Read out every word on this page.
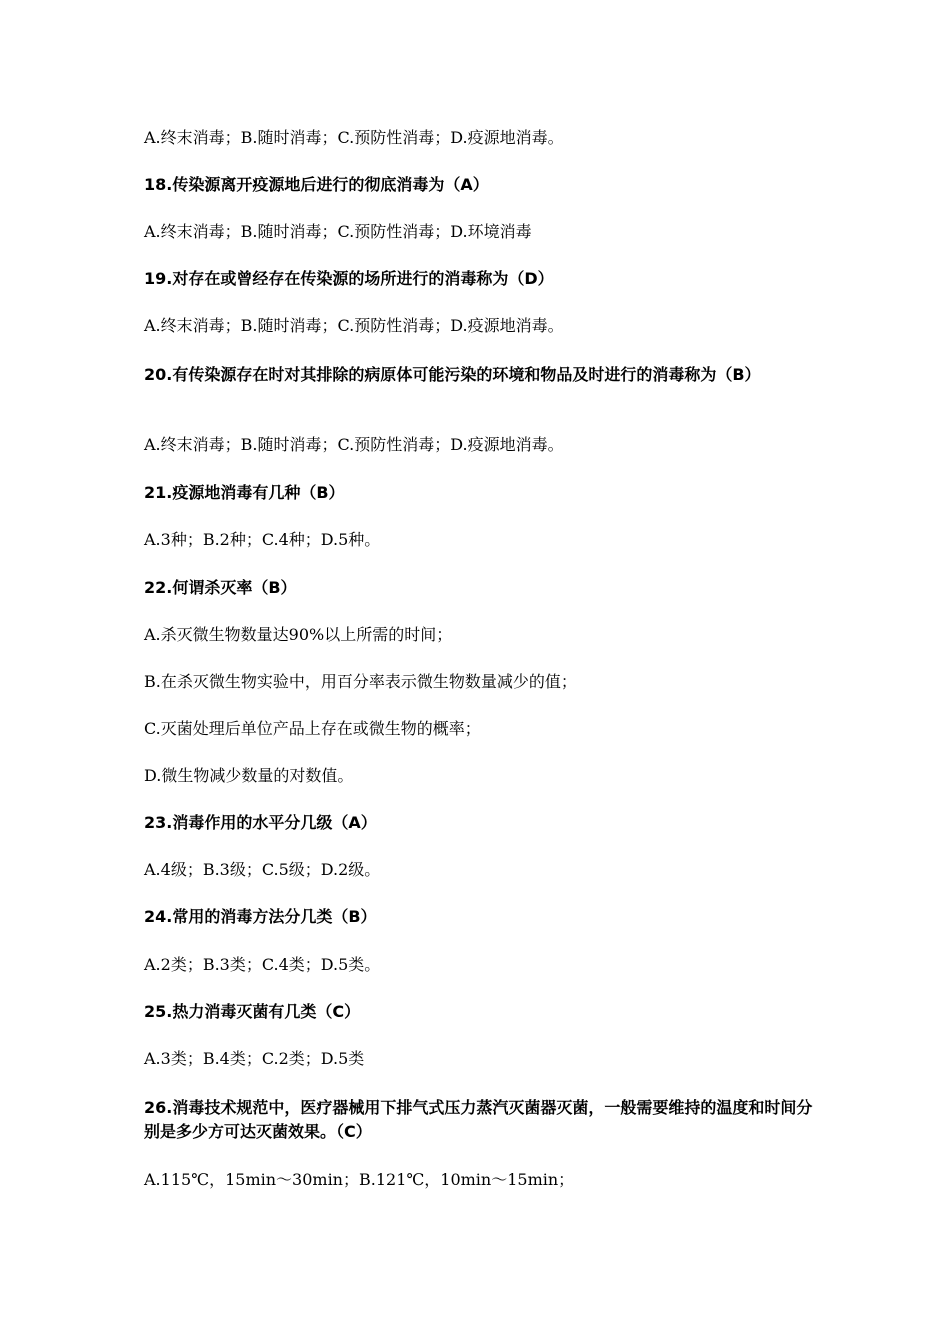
A.终末消毒；B.随时消毒；C.预防性消毒；D.疫源地消毒。
18.传染源离开疫源地后进行的彻底消毒为（A）
A.终末消毒；B.随时消毒；C.预防性消毒；D.环境消毒
19.对存在或曾经存在传染源的场所进行的消毒称为（D）
A.终末消毒；B.随时消毒；C.预防性消毒；D.疫源地消毒。
20.有传染源存在时对其排除的病原体可能污染的环境和物品及时进行的消毒称为（B）
A.终末消毒；B.随时消毒；C.预防性消毒；D.疫源地消毒。
21.疫源地消毒有几种（B）
A.3种；B.2种；C.4种；D.5种。
22.何谓杀灭率（B）
A.杀灭微生物数量达90%以上所需的时间；
B.在杀灭微生物实验中，用百分率表示微生物数量减少的值；
C.灭菌处理后单位产品上存在或微生物的概率；
D.微生物减少数量的对数值。
23.消毒作用的水平分几级（A）
A.4级；B.3级；C.5级；D.2级。
24.常用的消毒方法分几类（B）
A.2类；B.3类；C.4类；D.5类。
25.热力消毒灭菌有几类（C）
A.3类；B.4类；C.2类；D.5类
26.消毒技术规范中，医疗器械用下排气式压力蒸汽灭菌器灭菌，一般需要维持的温度和时间分别是多少方可达灭菌效果。（C）
A.115℃，15min～30min；B.121℃，10min～15min；
